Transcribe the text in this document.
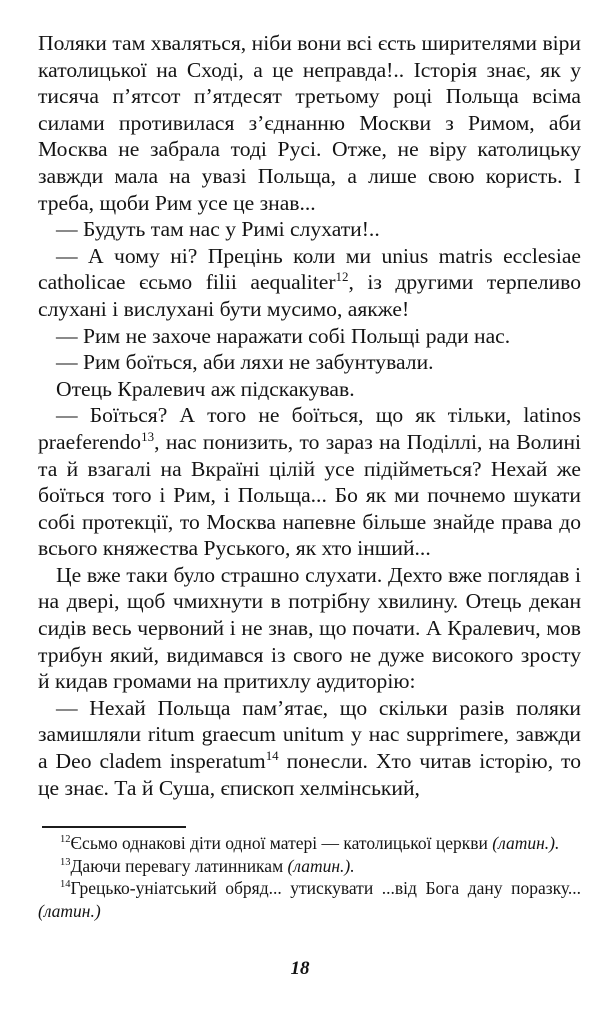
Поляки там хваляться, ніби вони всі єсть ширителями віри католицької на Сході, а це неправда!.. Історія знає, як у тисяча п’ятсот п’ятдесят третьому році Польща всіма силами противилася з’єднанню Москви з Римом, аби Москва не забрала тоді Русі. Отже, не віру католицьку завжди мала на увазі Польща, а лише свою користь. І треба, щоби Рим усе це знав...

— Будуть там нас у Римі слухати!..

— А чому ні? Прецінь коли ми unius matris ecclesiae catholicae єсьмо filii aequaliter$^{12}$, із другими терпеливо слухані і вислухані бути мусимо, аякже!

— Рим не захоче наражати собі Польщі ради нас.

— Рим боїться, аби ляхи не забунтували.

Отець Кралевич аж підскакував.

— Боїться? А того не боїться, що як тільки, latinos praeferendo$^{13}$, нас понизить, то зараз на Поділлі, на Волині та й взагалі на Вкраїні цілій усе підійметься? Нехай же боїться того і Рим, і Польща... Бо як ми почнемо шукати собі протекції, то Москва напевне більше знайде права до всього княжества Руського, як хто інший...

Це вже таки було страшно слухати. Дехто вже поглядав і на двері, щоб чмихнути в потрібну хвилину. Отець декан сидів весь червоний і не знав, що почати. А Кралевич, мов трибун який, видимався із свого не дуже високого зросту й кидав громами на притихлу аудиторію:

— Нехай Польща пам’ятає, що скільки разів поляки замишляли ritum graecum unitum у нас supprimere, завжди а Deo cladem insperatum$^{14}$ понесли. Хто читав історію, то це знає. Та й Суша, єпископ хелмінський,

$^{12}$Єсьмо однакові діти одної матері — католицької церкви (латин.).

$^{13}$Даючи перевагу латинникам (латин.).

$^{14}$Грецько-уніатський обряд... утискувати ...від Бога дану поразку... (латин.)

18
